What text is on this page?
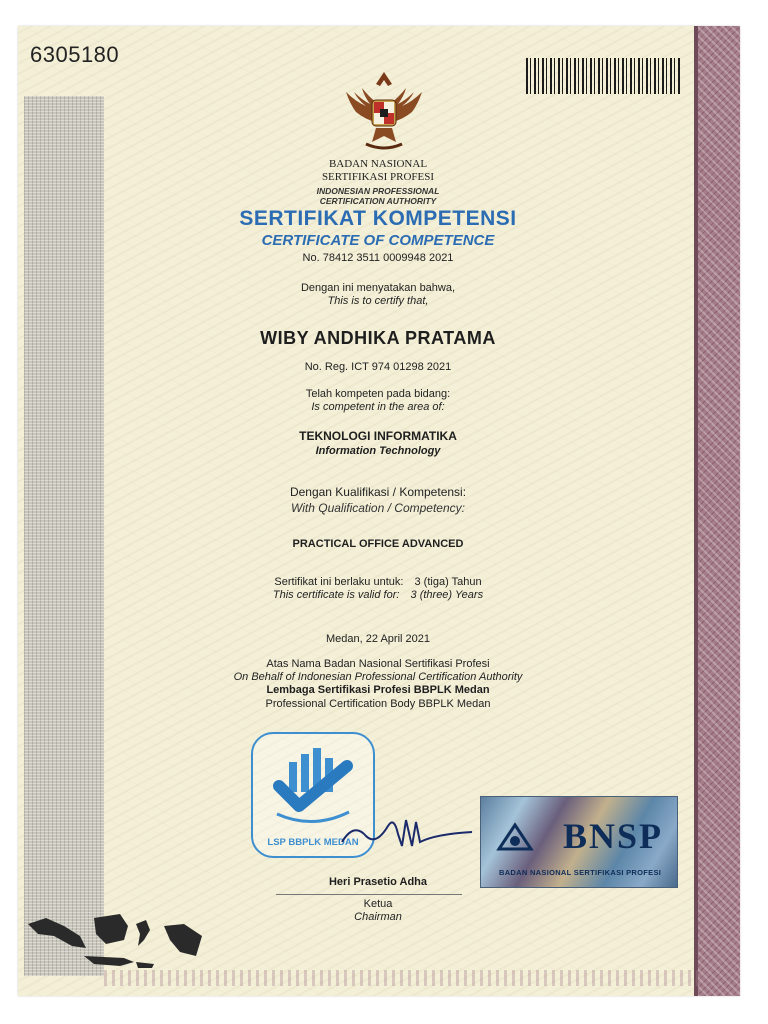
6305180
BADAN NASIONAL
SERTIFIKASI PROFESI
INDONESIAN PROFESSIONAL
CERTIFICATION AUTHORITY
SERTIFIKAT KOMPETENSI
CERTIFICATE OF COMPETENCE
No. 78412 3511 0009948 2021
Dengan ini menyatakan bahwa,
This is to certify that,
WIBY ANDHIKA PRATAMA
No. Reg. ICT 974 01298 2021
Telah kompeten pada bidang:
Is competent in the area of:
TEKNOLOGI INFORMATIKA
Information Technology
Dengan Kualifikasi / Kompetensi:
With Qualification / Competency:
PRACTICAL OFFICE ADVANCED
Sertifikat ini berlaku untuk: 3 (tiga) Tahun
This certificate is valid for: 3 (three) Years
Medan, 22 April 2021
Atas Nama Badan Nasional Sertifikasi Profesi
On Behalf of Indonesian Professional Certification Authority
Lembaga Sertifikasi Profesi BBPLK Medan
Professional Certification Body BBPLK Medan
LSP BBPLK MEDAN	BNSP
BADAN NASIONAL SERTIFIKASI PROFESI
Heri Prasetio Adha
Ketua
Chairman
